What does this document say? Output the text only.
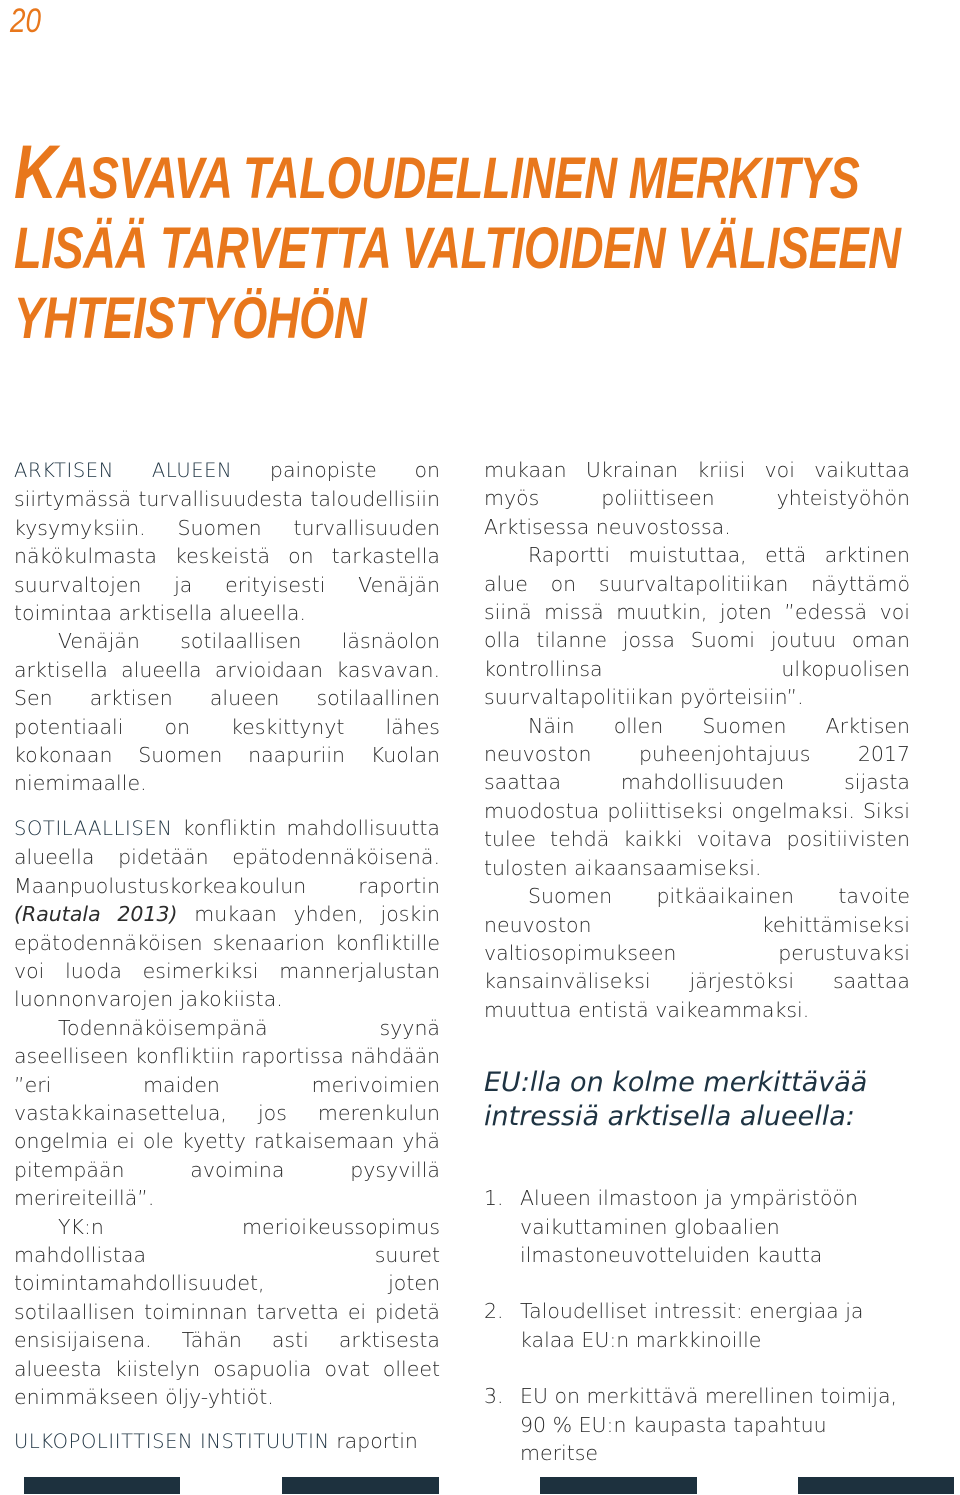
20
KASVAVA TALOUDELLINEN MERKITYS
LISÄÄ TARVETTA VALTIOIDEN VÄLISEEN
YHTEISTYÖHÖN

ARKTISEN ALUEEN painopiste on siirtymässä turvallisuudesta taloudellisiin kysymyksiin. Suomen turvallisuuden näkökulmasta keskeistä on tarkastella suurvaltojen ja erityisesti Venäjän toimintaa arktisella alueella.

Venäjän sotilaallisen läsnäolon arktisella alueella arvioidaan kasvavan. Sen arktisen alueen sotilaallinen potentiaali on keskittynyt lähes kokonaan Suomen naapuriin Kuolan niemimaalle.

SOTILAALLISEN konfliktin mahdollisuutta alueella pidetään epätodennäköisenä. Maanpuolustuskorkeakoulun raportin (Rautala 2013) mukaan yhden, joskin epätodennäköisen skenaarion konfliktille voi luoda esimerkiksi mannerjalustan luonnonvarojen jakokiista.

Todennäköisempänä syynä aseelliseen konfliktiin raportissa nähdään ”eri maiden merivoimien vastakkainasettelua, jos merenkulun ongelmia ei ole kyetty ratkaisemaan yhä pitempään avoimina pysyvillä merireiteillä”.

YK:n merioikeussopimus mahdollistaa suuret toimintamahdollisuudet, joten sotilaallisen toiminnan tarvetta ei pidetä ensisijaisena. Tähän asti arktisesta alueesta kiistelyn osapuolia ovat olleet enimmäkseen öljy-yhtiöt.

ULKOPOLIITTISEN INSTITUUTIN raportin

mukaan Ukrainan kriisi voi vaikuttaa myös poliittiseen yhteistyöhön Arktisessa neuvostossa.

Raportti muistuttaa, että arktinen alue on suurvaltapolitiikan näyttämö siinä missä muutkin, joten ”edessä voi olla tilanne jossa Suomi joutuu oman kontrollinsa ulkopuolisen suurvaltapolitiikan pyörteisiin”.

Näin ollen Suomen Arktisen neuvoston puheenjohtajuus 2017 saattaa mahdollisuuden sijasta muodostua poliittiseksi ongelmaksi. Siksi tulee tehdä kaikki voitava positiivisten tulosten aikaansaamiseksi.

Suomen pitkäaikainen tavoite neuvoston kehittämiseksi valtiosopimukseen perustuvaksi kansainväliseksi järjestöksi saattaa muuttua entistä vaikeammaksi.

EU:lla on kolme merkittävää intressiä arktisella alueella:
1. Alueen ilmastoon ja ympäristöön vaikuttaminen globaalien ilmastoneuvotteluiden kautta
2. Taloudelliset intressit: energiaa ja kalaa EU:n markkinoille
3. EU on merkittävä merellinen toimija, 90 % EU:n kaupasta tapahtuu meritse
